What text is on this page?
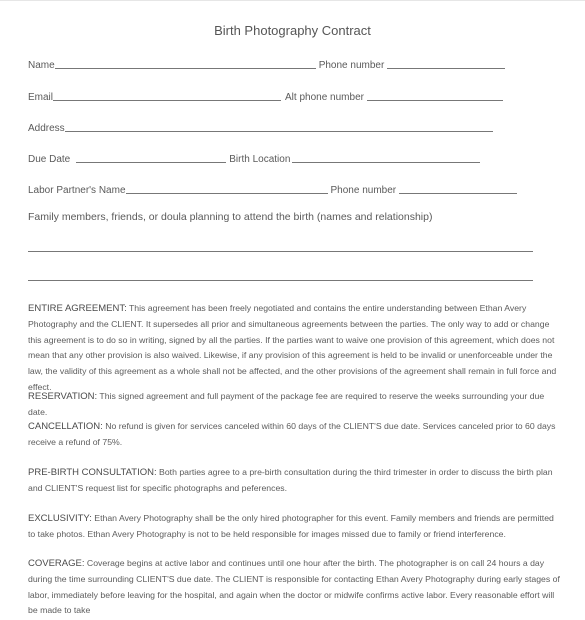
Birth Photography Contract
Name	Phone number
Email	Alt phone number
Address
Due Date	Birth Location
Labor Partner's Name	Phone number
Family members, friends, or doula planning to attend the birth (names and relationship)
ENTIRE AGREEMENT: This agreement has been freely negotiated and contains the entire understanding between Ethan Avery Photography and the CLIENT. It supersedes all prior and simultaneous agreements between the parties. The only way to add or change this agreement is to do so in writing, signed by all the parties. If the parties want to waive one provision of this agreement, which does not mean that any other provision is also waived. Likewise, if any provision of this agreement is held to be invalid or unenforceable under the law, the validity of this agreement as a whole shall not be affected, and the other provisions of the agreement shall remain in full force and effect.
RESERVATION: This signed agreement and full payment of the package fee are required to reserve the weeks surrounding your due date.
CANCELLATION: No refund is given for services canceled within 60 days of the CLIENT'S due date. Services canceled prior to 60 days receive a refund of 75%.
PRE-BIRTH CONSULTATION: Both parties agree to a pre-birth consultation during the third trimester in order to discuss the birth plan and CLIENT'S request list for specific photographs and peferences.
EXCLUSIVITY: Ethan Avery Photography shall be the only hired photographer for this event. Family members and friends are permitted to take photos. Ethan Avery Photography is not to be held responsible for images missed due to family or friend interference.
COVERAGE: Coverage begins at active labor and continues until one hour after the birth. The photographer is on call 24 hours a day during the time surrounding CLIENT'S due date. The CLIENT is responsible for contacting Ethan Avery Photography during early stages of labor, immediately before leaving for the hospital, and again when the doctor or midwife confirms active labor. Every reasonable effort will be made to take
